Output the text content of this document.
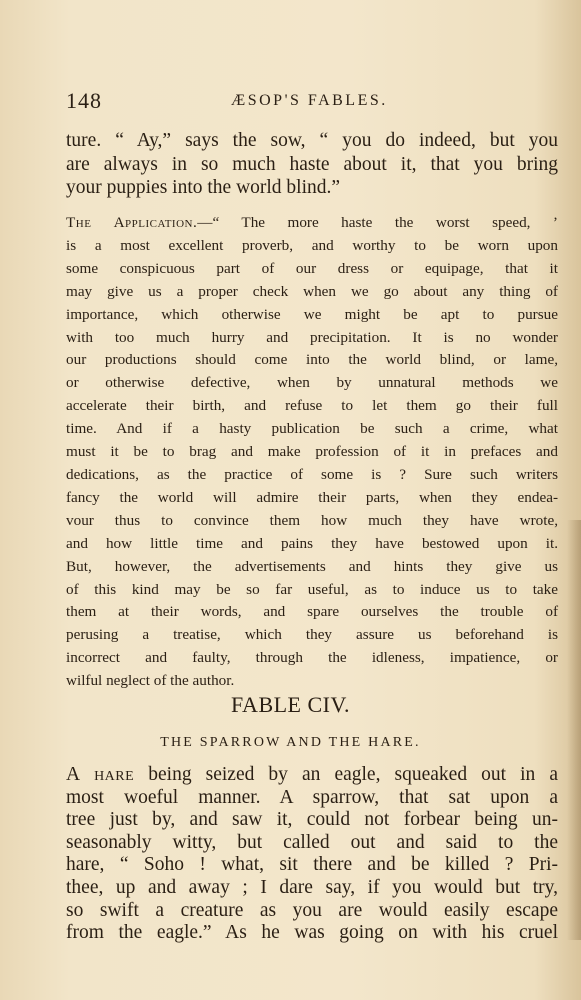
148	ÆSOP'S FABLES.
ture. “ Ay,” says the sow, “ you do indeed, but you
are always in so much haste about it, that you bring
your puppies into the world blind.”
The Application.—“ The more haste the worst speed, ’
is a most excellent proverb, and worthy to be worn upon
some conspicuous part of our dress or equipage, that it
may give us a proper check when we go about any thing of
importance, which otherwise we might be apt to pursue
with too much hurry and precipitation. It is no wonder
our productions should come into the world blind, or lame,
or otherwise defective, when by unnatural methods we
accelerate their birth, and refuse to let them go their full
time. And if a hasty publication be such a crime, what
must it be to brag and make profession of it in prefaces and
dedications, as the practice of some is ? Sure such writers
fancy the world will admire their parts, when they endea-
vour thus to convince them how much they have wrote,
and how little time and pains they have bestowed upon it.
But, however, the advertisements and hints they give us
of this kind may be so far useful, as to induce us to take
them at their words, and spare ourselves the trouble of
perusing a treatise, which they assure us beforehand is
incorrect and faulty, through the idleness, impatience, or
wilful neglect of the author.
FABLE CIV.
THE SPARROW AND THE HARE.
A hare being seized by an eagle, squeaked out in a
most woeful manner. A sparrow, that sat upon a
tree just by, and saw it, could not forbear being un-
seasonably witty, but called out and said to the
hare, “ Soho ! what, sit there and be killed ? Pri-
thee, up and away ; I dare say, if you would but try,
so swift a creature as you are would easily escape
from the eagle.” As he was going on with his cruel
